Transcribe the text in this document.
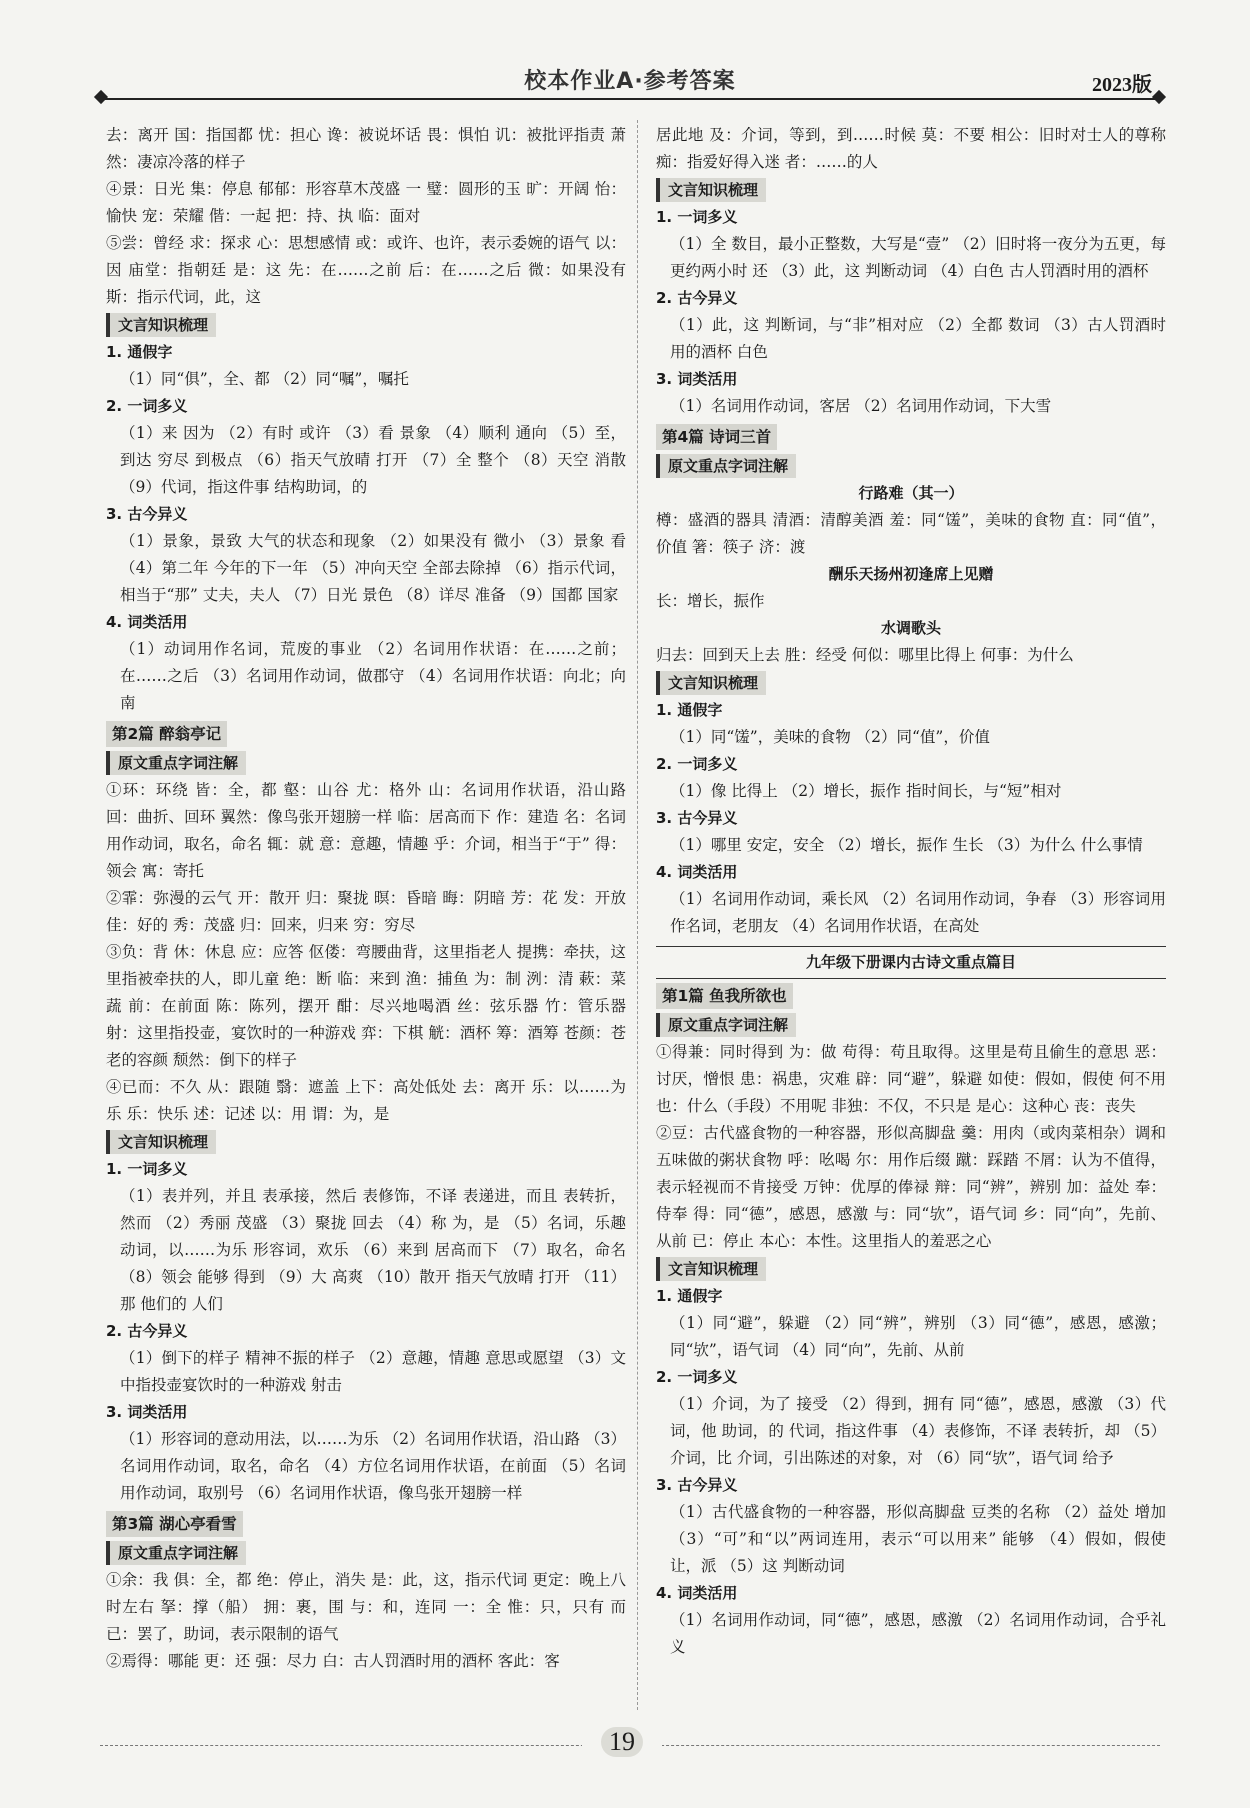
校本作业A·参考答案	2023版
去：离开 国：指国都 忧：担心 谗：被说坏话 畏：惧怕 讥：被批评指责 萧然：凄凉冷落的样子
④景：日光 集：停息 郁郁：形容草木茂盛 一 璧：圆形的玉 旷：开阔 怡：愉快 宠：荣耀 偕：一起 把：持、执 临：面对
⑤尝：曾经 求：探求 心：思想感情 或：或许、也许，表示委婉的语气 以：因 庙堂：指朝廷 是：这 先：在……之前 后：在……之后 微：如果没有 斯：指示代词，此，这
文言知识梳理
1. 通假字
（1）同“俱”，全、都 （2）同“嘱”，嘱托
2. 一词多义
（1）来 因为 （2）有时 或许 （3）看 景象 （4）顺利 通向 （5）至，到达 穷尽 到极点 （6）指天气放晴 打开 （7）全 整个 （8）天空 消散 （9）代词，指这件事 结构助词，的
3. 古今异义
（1）景象，景致 大气的状态和现象 （2）如果没有 微小 （3）景象 看 （4）第二年 今年的下一年 （5）冲向天空 全部去除掉 （6）指示代词，相当于“那” 丈夫，夫人 （7）日光 景色 （8）详尽 准备 （9）国都 国家
4. 词类活用
（1）动词用作名词，荒废的事业 （2）名词用作状语：在……之前；在……之后 （3）名词用作动词，做郡守 （4）名词用作状语：向北；向南
第2篇 醉翁亭记
原文重点字词注解
①环：环绕 皆：全，都 壑：山谷 尤：格外 山：名词用作状语，沿山路 回：曲折、回环 翼然：像鸟张开翅膀一样 临：居高而下 作：建造 名：名词用作动词，取名，命名 辄：就 意：意趣，情趣 乎：介词，相当于“于” 得：领会 寓：寄托
②霏：弥漫的云气 开：散开 归：聚拢 暝：昏暗 晦：阴暗 芳：花 发：开放 佳：好的 秀：茂盛 归：回来，归来 穷：穷尽
③负：背 休：休息 应：应答 伛偻：弯腰曲背，这里指老人 提携：牵扶，这里指被牵扶的人，即儿童 绝：断 临：来到 渔：捕鱼 为：制 洌：清 蔌：菜蔬 前：在前面 陈：陈列，摆开 酣：尽兴地喝酒 丝：弦乐器 竹：管乐器 射：这里指投壶，宴饮时的一种游戏 弈：下棋 觥：酒杯 筹：酒筹 苍颜：苍老的容颜 颓然：倒下的样子
④已而：不久 从：跟随 翳：遮盖 上下：高处低处 去：离开 乐：以……为乐 乐：快乐 述：记述 以：用 谓：为，是
文言知识梳理
1. 一词多义
（1）表并列，并且 表承接，然后 表修饰，不译 表递进，而且 表转折，然而 （2）秀丽 茂盛 （3）聚拢 回去 （4）称 为，是 （5）名词，乐趣 动词，以……为乐 形容词，欢乐 （6）来到 居高而下 （7）取名，命名 （8）领会 能够 得到 （9）大 高爽 （10）散开 指天气放晴 打开 （11）那 他们的 人们
2. 古今异义
（1）倒下的样子 精神不振的样子 （2）意趣，情趣 意思或愿望 （3）文中指投壶宴饮时的一种游戏 射击
3. 词类活用
（1）形容词的意动用法，以……为乐 （2）名词用作状语，沿山路 （3）名词用作动词，取名，命名 （4）方位名词用作状语，在前面 （5）名词用作动词，取别号 （6）名词用作状语，像鸟张开翅膀一样
第3篇 湖心亭看雪
原文重点字词注解
①余：我 俱：全，都 绝：停止，消失 是：此，这，指示代词 更定：晚上八时左右 拏：撑（船） 拥：裹，围 与：和，连同 一：全 惟：只，只有 而已：罢了，助词，表示限制的语气
②焉得：哪能 更：还 强：尽力 白：古人罚酒时用的酒杯 客此：客
居此地 及：介词，等到，到……时候 莫：不要 相公：旧时对士人的尊称 痴：指爱好得入迷 者：……的人
文言知识梳理
1. 一词多义
（1）全 数目，最小正整数，大写是“壹” （2）旧时将一夜分为五更，每更约两小时 还 （3）此，这 判断动词 （4）白色 古人罚酒时用的酒杯
2. 古今异义
（1）此，这 判断词，与“非”相对应 （2）全都 数词 （3）古人罚酒时用的酒杯 白色
3. 词类活用
（1）名词用作动词，客居 （2）名词用作动词，下大雪
第4篇 诗词三首
原文重点字词注解
行路难（其一）
樽：盛酒的器具 清酒：清醇美酒 羞：同“馐”，美味的食物 直：同“值”，价值 箸：筷子 济：渡
酬乐天扬州初逢席上见赠
长：增长，振作
水调歌头
归去：回到天上去 胜：经受 何似：哪里比得上 何事：为什么
文言知识梳理
1. 通假字
（1）同“馐”，美味的食物 （2）同“值”，价值
2. 一词多义
（1）像 比得上 （2）增长，振作 指时间长，与“短”相对
3. 古今异义
（1）哪里 安定，安全 （2）增长，振作 生长 （3）为什么 什么事情
4. 词类活用
（1）名词用作动词，乘长风 （2）名词用作动词，争春 （3）形容词用作名词，老朋友 （4）名词用作状语，在高处
九年级下册课内古诗文重点篇目
第1篇 鱼我所欲也
原文重点字词注解
①得兼：同时得到 为：做 苟得：苟且取得。这里是苟且偷生的意思 恶：讨厌，憎恨 患：祸患，灾难 辟：同“避”，躲避 如使：假如，假使 何不用也：什么（手段）不用呢 非独：不仅，不只是 是心：这种心 丧：丧失
②豆：古代盛食物的一种容器，形似高脚盘 羹：用肉（或肉菜相杂）调和五味做的粥状食物 呼：吆喝 尔：用作后缀 蹴：踩踏 不屑：认为不值得，表示轻视而不肯接受 万钟：优厚的俸禄 辩：同“辨”，辨别 加：益处 奉：侍奉 得：同“德”，感恩，感激 与：同“欤”，语气词 乡：同“向”，先前、从前 已：停止 本心：本性。这里指人的羞恶之心
文言知识梳理
1. 通假字
（1）同“避”，躲避 （2）同“辨”，辨别 （3）同“德”，感恩，感激；同“欤”，语气词 （4）同“向”，先前、从前
2. 一词多义
（1）介词，为了 接受 （2）得到，拥有 同“德”，感恩，感激 （3）代词，他 助词，的 代词，指这件事 （4）表修饰，不译 表转折，却 （5）介词，比 介词，引出陈述的对象，对 （6）同“欤”，语气词 给予
3. 古今异义
（1）古代盛食物的一种容器，形似高脚盘 豆类的名称 （2）益处 增加 （3）“可”和“以”两词连用，表示“可以用来” 能够 （4）假如，假使 让，派 （5）这 判断动词
4. 词类活用
（1）名词用作动词，同“德”，感恩，感激 （2）名词用作动词，合乎礼义
19
